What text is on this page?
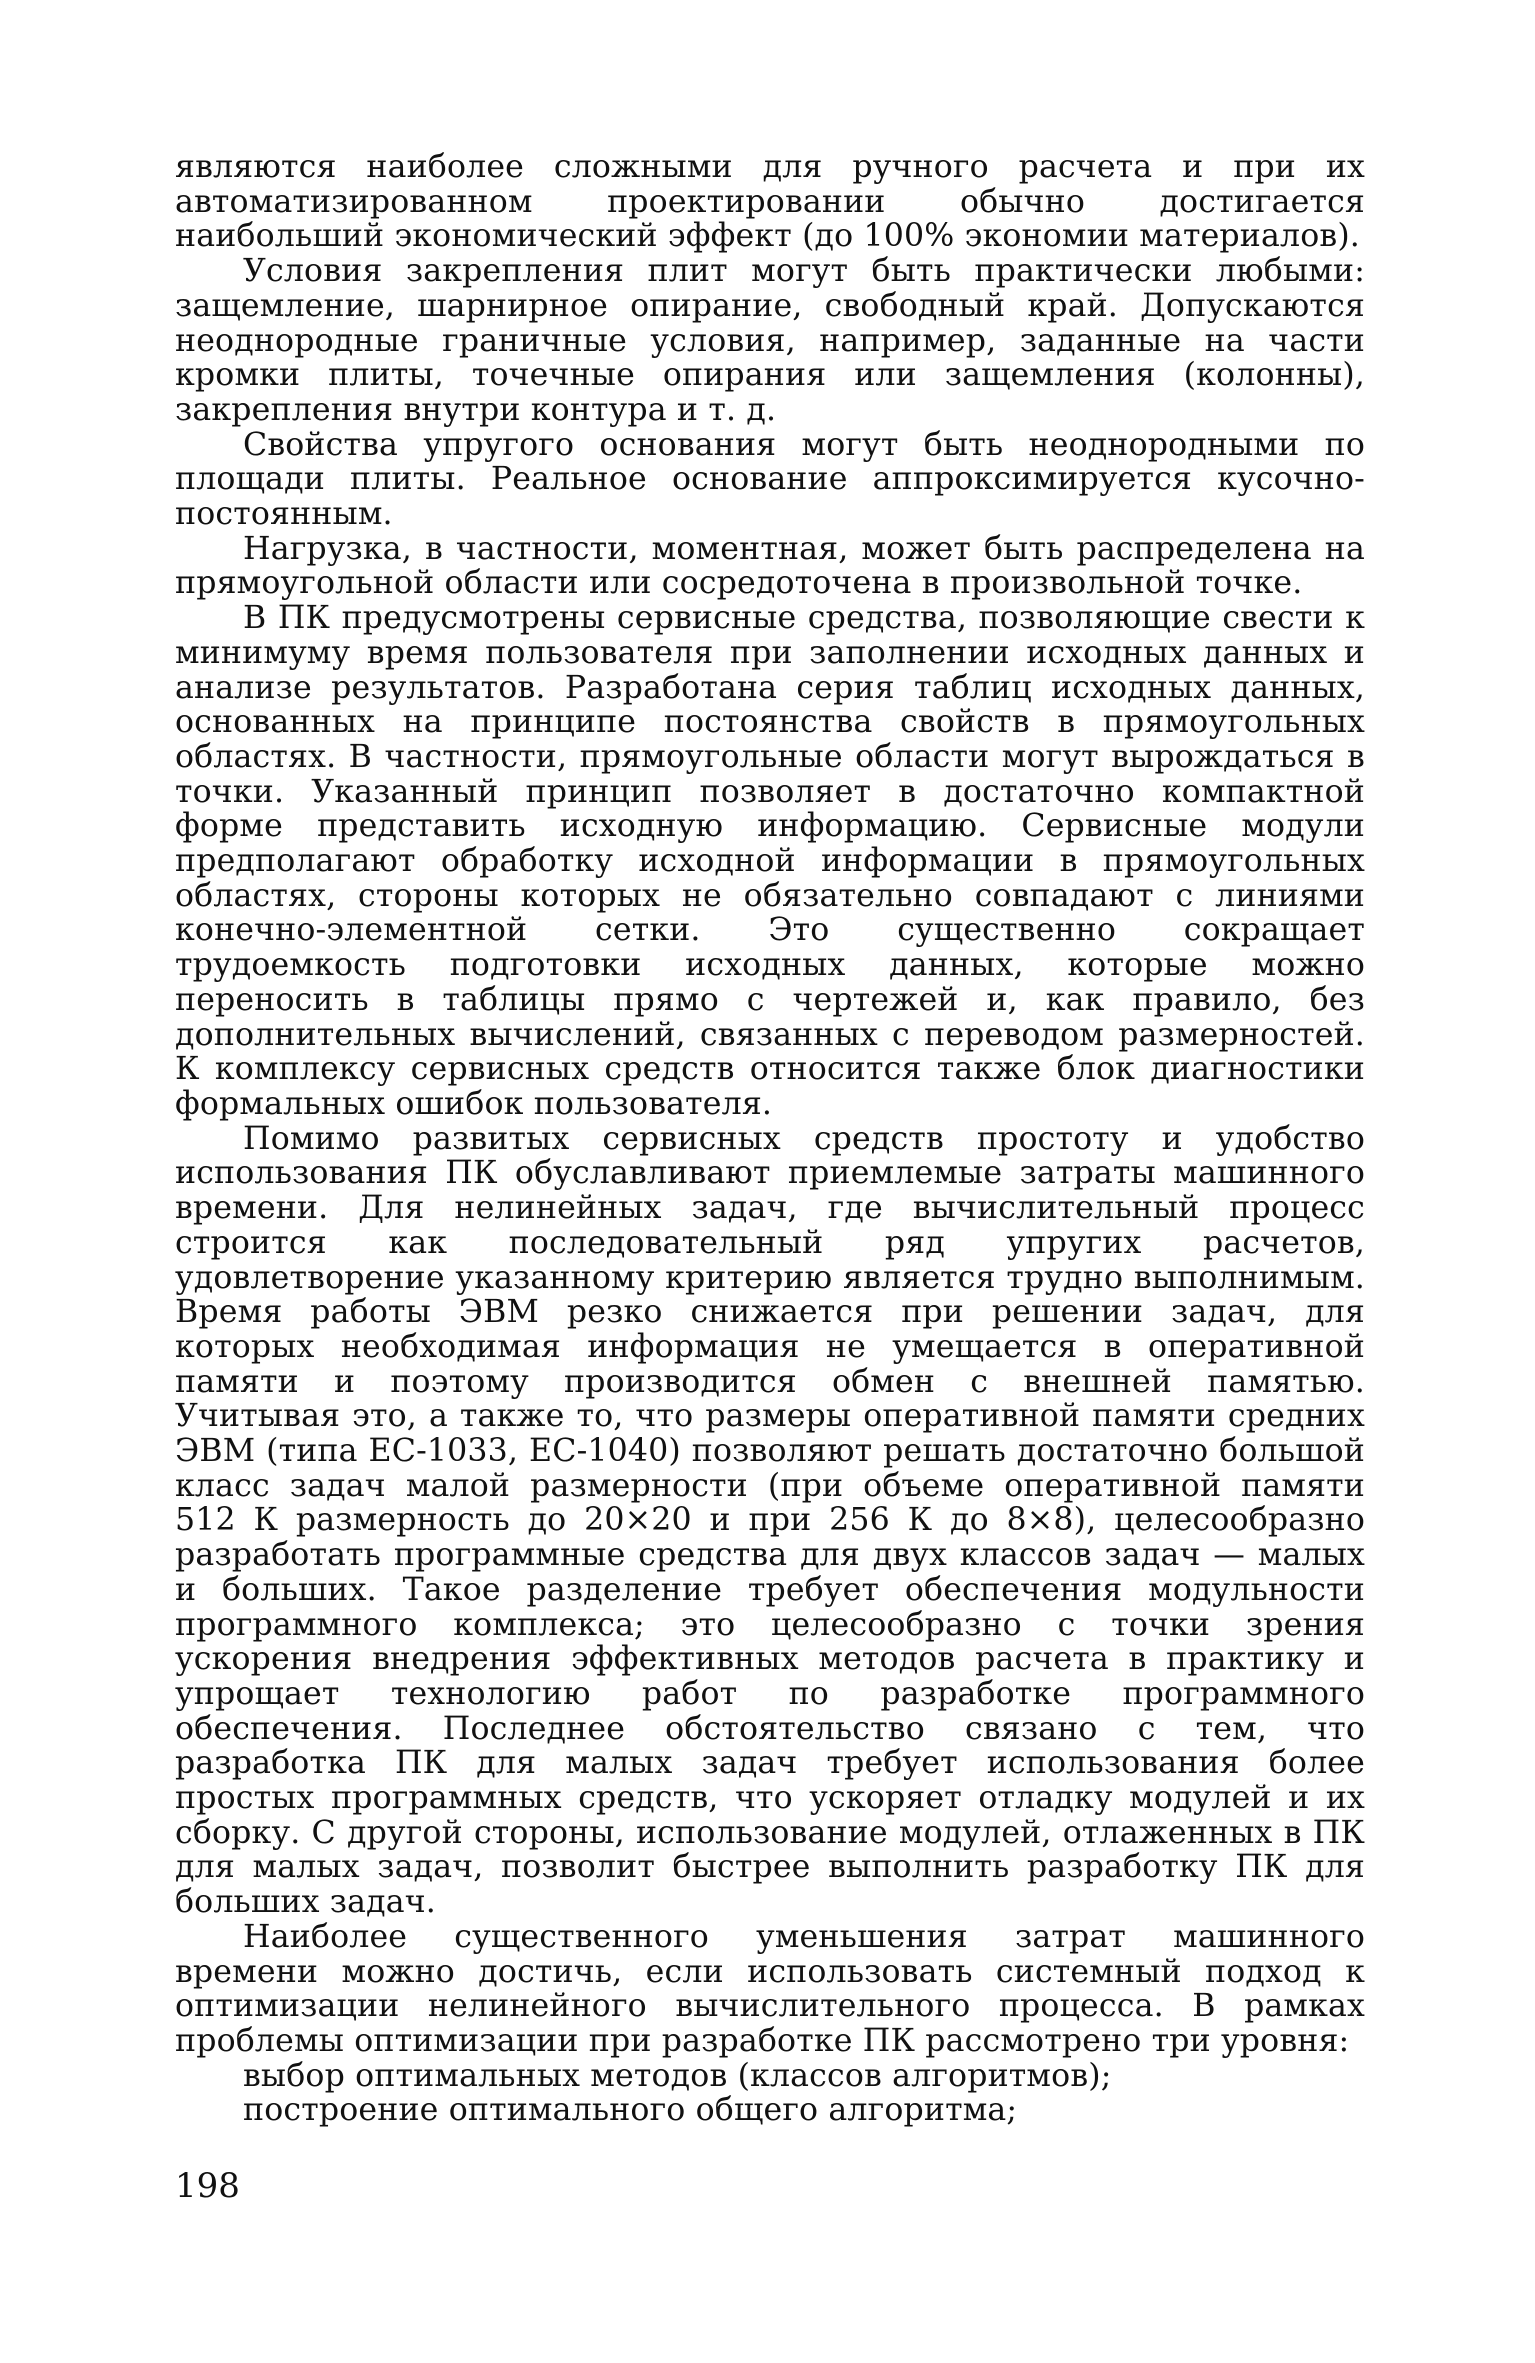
являются наиболее сложными для ручного расчета и при их автоматизированном проектировании обычно достигается наибольший экономический эффект (до 100% экономии материалов).

Условия закрепления плит могут быть практически любыми: защемление, шарнирное опирание, свободный край. Допускаются неоднородные граничные условия, например, заданные на части кромки плиты, точечные опирания или защемления (колонны), закрепления внутри контура и т. д.

Свойства упругого основания могут быть неоднородными по площади плиты. Реальное основание аппроксимируется кусочно-постоянным.

Нагрузка, в частности, моментная, может быть распределена на прямоугольной области или сосредоточена в произвольной точке.

В ПК предусмотрены сервисные средства, позволяющие свести к минимуму время пользователя при заполнении исходных данных и анализе результатов. Разработана серия таблиц исходных данных, основанных на принципе постоянства свойств в прямоугольных областях. В частности, прямоугольные области могут вырождаться в точки. Указанный принцип позволяет в достаточно компактной форме представить исходную информацию. Сервисные модули предполагают обработку исходной информации в прямоугольных областях, стороны которых не обязательно совпадают с линиями конечно-элементной сетки. Это существенно сокращает трудоемкость подготовки исходных данных, которые можно переносить в таблицы прямо с чертежей и, как правило, без дополнительных вычислений, связанных с переводом размерностей. К комплексу сервисных средств относится также блок диагностики формальных ошибок пользователя.

Помимо развитых сервисных средств простоту и удобство использования ПК обуславливают приемлемые затраты машинного времени. Для нелинейных задач, где вычислительный процесс строится как последовательный ряд упругих расчетов, удовлетворение указанному критерию является трудно выполнимым. Время работы ЭВМ резко снижается при решении задач, для которых необходимая информация не умещается в оперативной памяти и поэтому производится обмен с внешней памятью. Учитывая это, а также то, что размеры оперативной памяти средних ЭВМ (типа ЕС-1033, ЕС-1040) позволяют решать достаточно большой класс задач малой размерности (при объеме оперативной памяти 512 К размерность до 20×20 и при 256 К до 8×8), целесообразно разработать программные средства для двух классов задач — малых и больших. Такое разделение требует обеспечения модульности программного комплекса; это целесообразно с точки зрения ускорения внедрения эффективных методов расчета в практику и упрощает технологию работ по разработке программного обеспечения. Последнее обстоятельство связано с тем, что разработка ПК для малых задач требует использования более простых программных средств, что ускоряет отладку модулей и их сборку. С другой стороны, использование модулей, отлаженных в ПК для малых задач, позволит быстрее выполнить разработку ПК для больших задач.

Наиболее существенного уменьшения затрат машинного времени можно достичь, если использовать системный подход к оптимизации нелинейного вычислительного процесса. В рамках проблемы оптимизации при разработке ПК рассмотрено три уровня:

выбор оптимальных методов (классов алгоритмов);

построение оптимального общего алгоритма;

198
